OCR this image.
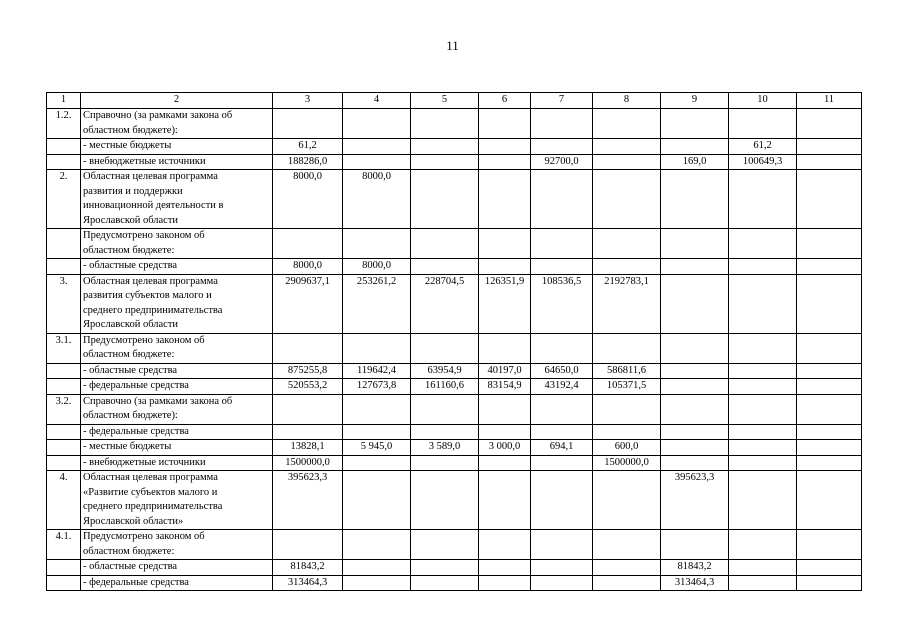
11
1	2	3	4	5	6	7	8	9	10	11
1.2.	Справочно (за рамками закона об
областном бюджете):									

	- местные бюджеты	61,2							61,2	

	- внебюджетные источники	188286,0				92700,0		169,0	100649,3	
2.	Областная целевая программа
развития и поддержки
инновационной деятельности в
Ярославской области	8000,0	8000,0							

	Предусмотрено законом об
областном бюджете:									

	- областные средства	8000,0	8000,0							
3.	Областная целевая программа
развития субъектов малого и
среднего предпринимательства
Ярославской области	2909637,1	253261,2	228704,5	126351,9	108536,5	2192783,1			
3.1.	Предусмотрено законом об
областном бюджете:									

	- областные средства	875255,8	119642,4	63954,9	40197,0	64650,0	586811,6			

	- федеральные средства	520553,2	127673,8	161160,6	83154,9	43192,4	105371,5			
3.2.	Справочно (за рамками закона об
областном бюджете):									

	- федеральные средства									

	- местные бюджеты	13828,1	5 945,0	3 589,0	3 000,0	694,1	600,0			

	- внебюджетные источники	1500000,0					1500000,0			
4.	Областная целевая программа
«Развитие субъектов малого и
среднего предпринимательства
Ярославской области»	395623,3						395623,3		
4.1.	Предусмотрено законом об
областном бюджете:									

	- областные средства	81843,2						81843,2		

	- федеральные средства	313464,3						313464,3		
